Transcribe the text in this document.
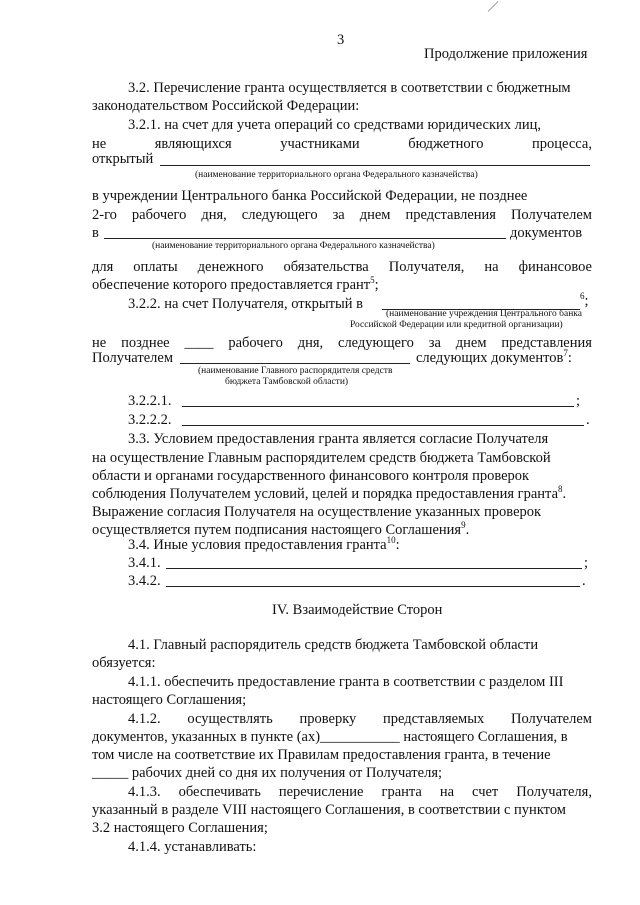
3
Продолжение приложения
3.2. Перечисление гранта осуществляется в соответствии с бюджетным
законодательством Российской Федерации:
3.2.1. на счет для учета операций со средствами юридических лиц,
не	являющихся	участниками	бюджетного	процесса,
открытый
(наименование территориального органа Федерального казначейства)
в учреждении Центрального банка Российской Федерации, не позднее
2-го рабочего дня, следующего за днем представления Получателем
в	документов
(наименование территориального органа Федерального казначейства)
для оплаты денежного обязательства Получателя, на финансовое
обеспечение которого предоставляется грант$^5$;
3.2.2. на счет Получателя, открытый в	$^6$;
(наименование учреждения Центрального банка
Российской Федерации или кредитной организации)
не позднее ____ рабочего дня, следующего за днем представления
Получателем	следующих документов$^7$:
(наименование Главного распорядителя средств
бюджета Тамбовской области)
3.2.2.1.	;
3.2.2.2.	.
3.3. Условием предоставления гранта является согласие Получателя
на осуществление Главным распорядителем средств бюджета Тамбовской
области и органами государственного финансового контроля проверок
соблюдения Получателем условий, целей и порядка предоставления гранта$^8$.
Выражение согласия Получателя на осуществление указанных проверок
осуществляется путем подписания настоящего Соглашения$^9$.
3.4. Иные условия предоставления гранта$^{10}$:
3.4.1.	;
3.4.2.	.
IV. Взаимодействие Сторон
4.1. Главный распорядитель средств бюджета Тамбовской области
обязуется:
4.1.1. обеспечить предоставление гранта в соответствии с разделом III
настоящего Соглашения;
4.1.2. осуществлять проверку представляемых Получателем
документов, указанных в пункте (ах)___________ настоящего Соглашения, в
том числе на соответствие их Правилам предоставления гранта, в течение
_____ рабочих дней со дня их получения от Получателя;
4.1.3. обеспечивать перечисление гранта на счет Получателя,
указанный в разделе VIII настоящего Соглашения, в соответствии с пунктом
3.2 настоящего Соглашения;
4.1.4. устанавливать:
